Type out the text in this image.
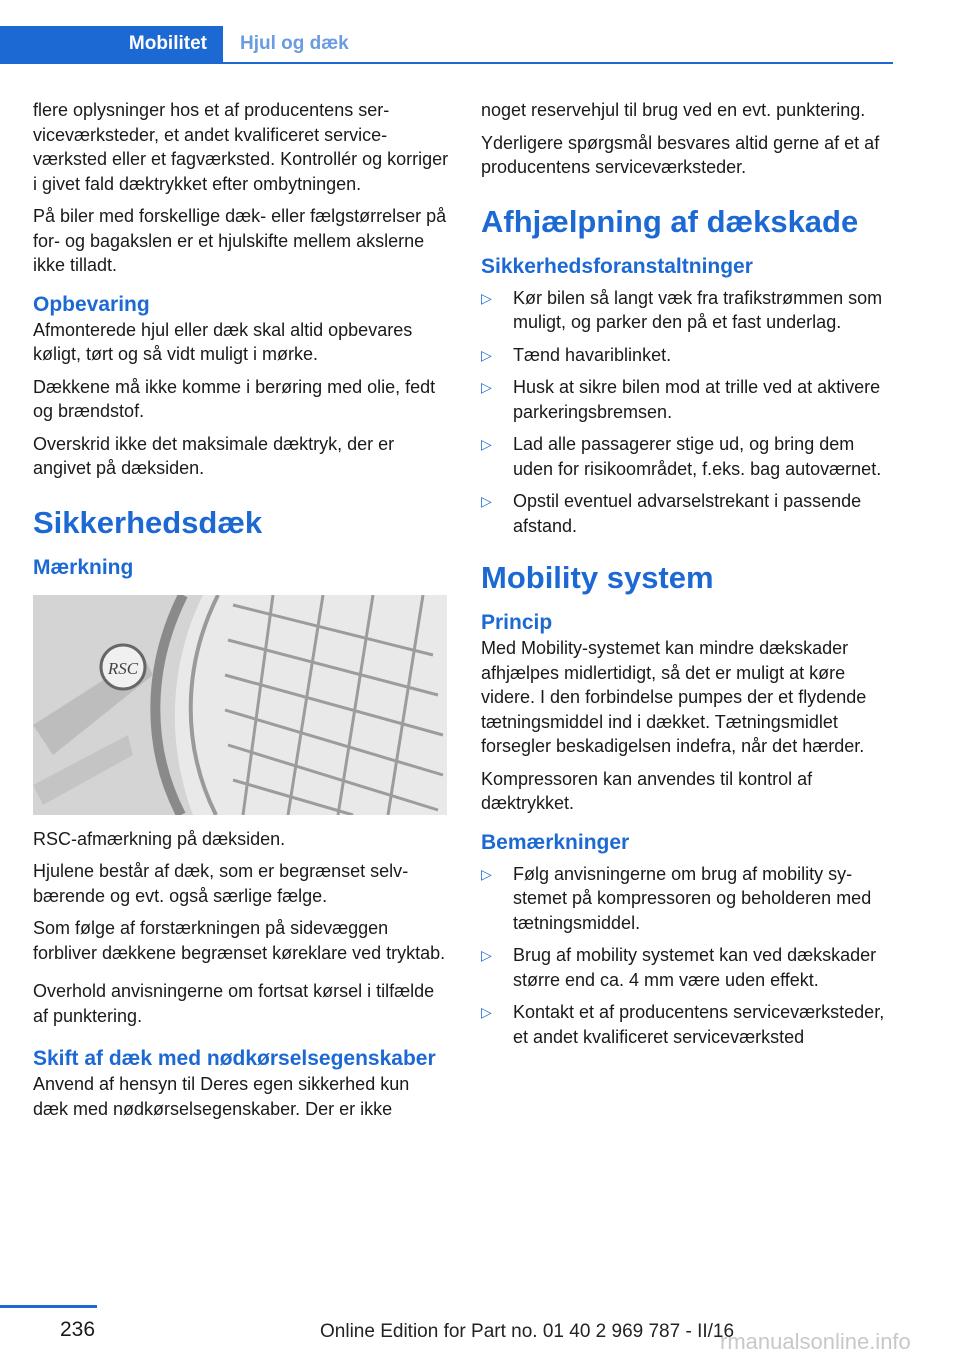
Mobilitet	Hjul og dæk

flere oplysninger hos et af producentens serviceværksteder, et andet kvalificeret serviceværksted eller et fagværksted. Kontrollér og korriger i givet fald dæktrykket efter ombytningen.

På biler med forskellige dæk- eller fælgstørrelser på for- og bagakslen er et hjulskifte mellem akslerne ikke tilladt.

Opbevaring

Afmonterede hjul eller dæk skal altid opbevares køligt, tørt og så vidt muligt i mørke.

Dækkene må ikke komme i berøring med olie, fedt og brændstof.

Overskrid ikke det maksimale dæktryk, der er angivet på dæksiden.

Sikkerhedsdæk
Mærkning
RSC

RSC-afmærkning på dæksiden.

Hjulene består af dæk, som er begrænset selvbærende og evt. også særlige fælge.

Som følge af forstærkningen på sidevæggen forbliver dækkene begrænset køreklare ved tryktab.

Overhold anvisningerne om fortsat kørsel i tilfælde af punktering.

Skift af dæk med nødkørselsegenskaber

Anvend af hensyn til Deres egen sikkerhed kun dæk med nødkørselsegenskaber. Der er ikke

noget reservehjul til brug ved en evt. punktering.

Yderligere spørgsmål besvares altid gerne af et af producentens serviceværksteder.

Afhjælpning af dækskade
Sikkerhedsforanstaltninger
▷ Kør bilen så langt væk fra trafikstrømmen som muligt, og parker den på et fast underlag.
▷ Tænd havariblinket.
▷ Husk at sikre bilen mod at trille ved at aktivere parkeringsbremsen.
▷ Lad alle passagerer stige ud, og bring dem uden for risikoområdet, f.eks. bag autoværnet.
▷ Opstil eventuel advarselstrekant i passende afstand.
Mobility system
Princip

Med Mobility-systemet kan mindre dækskader afhjælpes midlertidigt, så det er muligt at køre videre. I den forbindelse pumpes der et flydende tætningsmiddel ind i dækket. Tætningsmidlet forsegler beskadigelsen indefra, når det hærder.

Kompressoren kan anvendes til kontrol af dæktrykket.

Bemærkninger
▷ Følg anvisningerne om brug af mobility systemet på kompressoren og beholderen med tætningsmiddel.
▷ Brug af mobility systemet kan ved dækskader større end ca. 4 mm være uden effekt.
▷ Kontakt et af producentens serviceværksteder, et andet kvalificeret serviceværksted
236	Online Edition for Part no. 01 40 2 969 787 - II/16
rmanualsonline.info
